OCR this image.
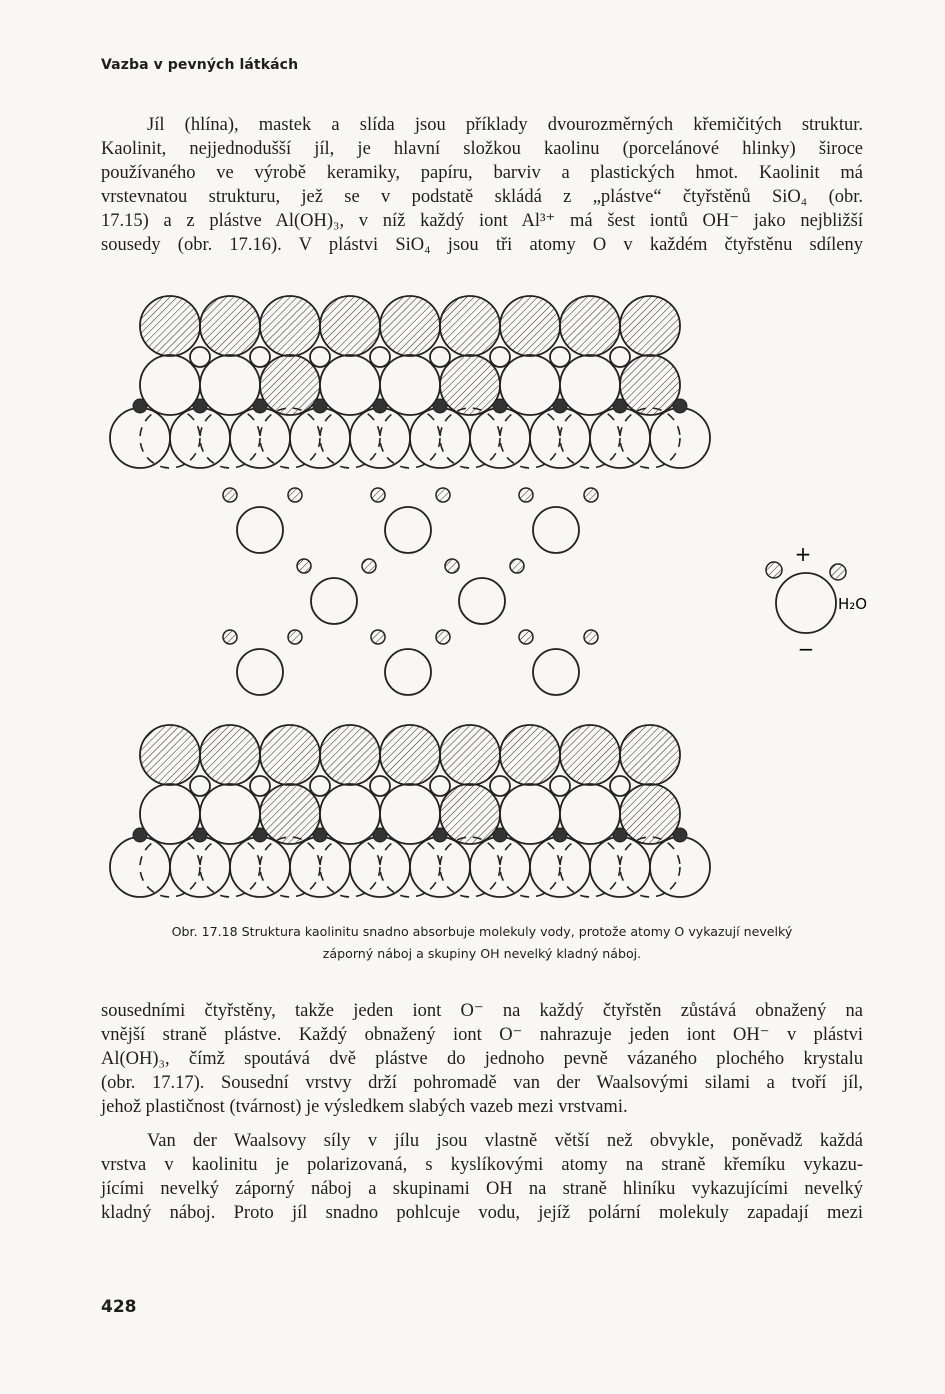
Vazba v pevných látkách
Jíl (hlína), mastek a slída jsou příklady dvourozměrných křemičitých struktur.
Kaolinit, nejjednodušší jíl, je hlavní složkou kaolinu (porcelánové hlinky) široce
používaného ve výrobě keramiky, papíru, barviv a plastických hmot. Kaolinit má
vrstevnatou strukturu, jež se v podstatě skládá z „plástve“ čtyřstěnů SiO₄ (obr.
17.15) a z plástve Al(OH)₃, v níž každý iont Al³⁺ má šest iontů OH⁻ jako nejbližší
sousedy (obr. 17.16). V plástvi SiO₄ jsou tři atomy O v každém čtyřstěnu sdíleny
+
−
H₂O
Obr. 17.18 Struktura kaolinitu snadno absorbuje molekuly vody, protože atomy O vykazují nevelký
záporný náboj a skupiny OH nevelký kladný náboj.
sousedními čtyřstěny, takže jeden iont O⁻ na každý čtyřstěn zůstává obnažený na
vnější straně plástve. Každý obnažený iont O⁻ nahrazuje jeden iont OH⁻ v plástvi
Al(OH)₃, čímž spoutává dvě plástve do jednoho pevně vázaného plochého krystalu
(obr. 17.17). Sousední vrstvy drží pohromadě van der Waalsovými silami a tvoří jíl,
jehož plastičnost (tvárnost) je výsledkem slabých vazeb mezi vrstvami.
Van der Waalsovy síly v jílu jsou vlastně větší než obvykle, poněvadž každá
vrstva v kaolinitu je polarizovaná, s kyslíkovými atomy na straně křemíku vykazu-
jícími nevelký záporný náboj a skupinami OH na straně hliníku vykazujícími nevelký
kladný náboj. Proto jíl snadno pohlcuje vodu, jejíž polární molekuly zapadají mezi
428
